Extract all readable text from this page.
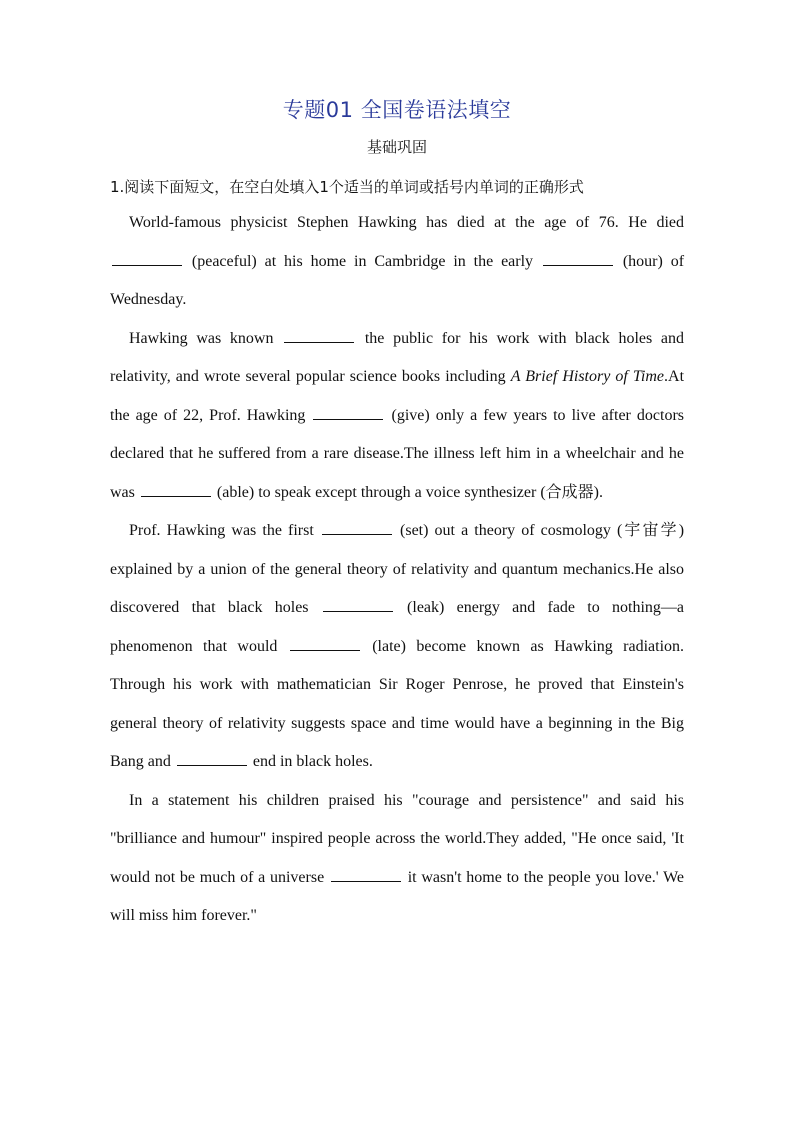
专题01 全国卷语法填空
基础巩固
1.阅读下面短文，在空白处填入1个适当的单词或括号内单词的正确形式

World-famous physicist Stephen Hawking has died at the age of 76. He died  (peaceful) at his home in Cambridge in the early	(hour) of Wednesday.

Hawking was known	the public for his work with black holes and relativity, and wrote several popular science books including A Brief History of Time.At the age of 22, Prof. Hawking	(give) only a few years to live after doctors declared that he suffered from a rare disease.The illness left him in a wheelchair and he was	(able) to speak except through a voice synthesizer (合成器).

Prof. Hawking was the first	(set) out a theory of cosmology (宇宙学) explained by a union of the general theory of relativity and quantum mechanics.He also discovered that black holes	(leak) energy and fade to nothing—a phenomenon that would	(late) become known as Hawking radiation. Through his work with mathematician Sir Roger Penrose, he proved that Einstein's general theory of relativity suggests space and time would have a beginning in the Big Bang and	end in black holes.

In a statement his children praised his "courage and persistence" and said his "brilliance and humour" inspired people across the world.They added, "He once said, 'It would not be much of a universe	it wasn't home to the people you love.' We will miss him forever."
